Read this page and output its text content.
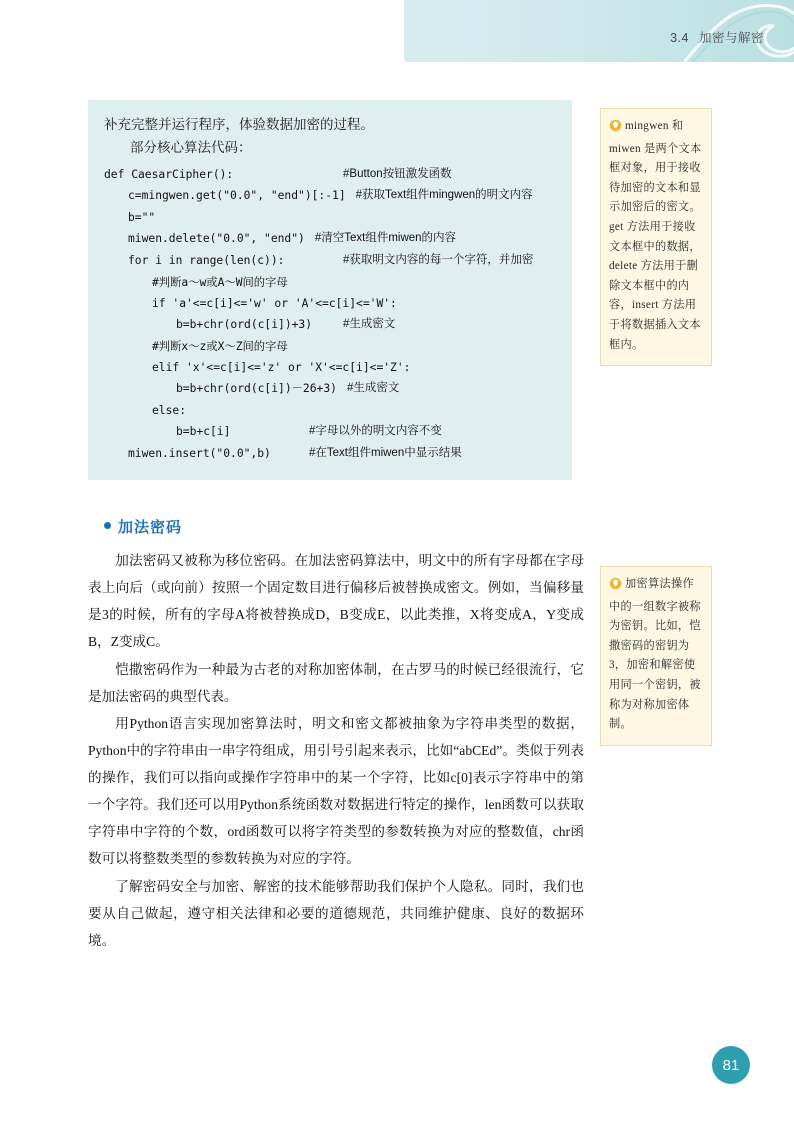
3.4 加密与解密
补充完整并运行程序，体验数据加密的过程。
部分核心算法代码：
def CaesarCipher():	#Button按钮激发函数
c=mingwen.get("0.0", "end")[:-1] #获取Text组件mingwen的明文内容
b=""
miwen.delete("0.0", "end") #清空Text组件miwen的内容
for i in range(len(c)):	#获取明文内容的每一个字符，并加密
#判断a～w或A～W间的字母
if 'a'<=c[i]<='w' or 'A'<=c[i]<='W':
b=b+chr(ord(c[i])+3)	#生成密文
#判断x～z或X～Z间的字母
elif 'x'<=c[i]<='z' or 'X'<=c[i]<='Z':
b=b+chr(ord(c[i])－26+3) #生成密文
else:
b=b+c[i]	#字母以外的明文内容不变
miwen.insert("0.0",b)	#在Text组件miwen中显示结果
mingwen 和 miwen 是两个文本框对象，用于接收待加密的文本和显示加密后的密文。get 方法用于接收文本框中的数据，delete 方法用于删除文本框中的内容，insert 方法用于将数据插入文本框内。
加密算法操作中的一组数字被称为密钥。比如，恺撒密码的密钥为 3，加密和解密使用同一个密钥，被称为对称加密体制。
加法密码

加法密码又被称为移位密码。在加法密码算法中，明文中的所有字母都在字母表上向后（或向前）按照一个固定数目进行偏移后被替换成密文。例如，当偏移量是3的时候，所有的字母A将被替换成D，B变成E，以此类推，X将变成A，Y变成B，Z变成C。

恺撒密码作为一种最为古老的对称加密体制，在古罗马的时候已经很流行，它是加法密码的典型代表。

用Python语言实现加密算法时，明文和密文都被抽象为字符串类型的数据，Python中的字符串由一串字符组成，用引号引起来表示，比如“abCEd”。类似于列表的操作，我们可以指向或操作字符串中的某一个字符，比如c[0]表示字符串中的第一个字符。我们还可以用Python系统函数对数据进行特定的操作，len函数可以获取字符串中字符的个数，ord函数可以将字符类型的参数转换为对应的整数值，chr函数可以将整数类型的参数转换为对应的字符。

了解密码安全与加密、解密的技术能够帮助我们保护个人隐私。同时，我们也要从自己做起，遵守相关法律和必要的道德规范，共同维护健康、良好的数据环境。

81
